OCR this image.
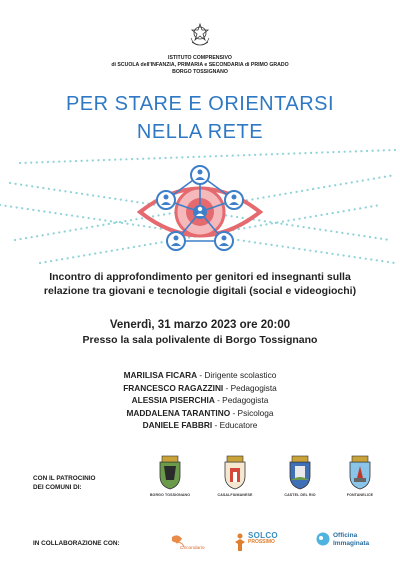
ISTITUTO COMPRENSIVO
di SCUOLA dell'INFANZIA, PRIMARIA e SECONDARIA di PRIMO GRADO
BORGO TOSSIGNANO
PER STARE E ORIENTARSI
NELLA RETE
Incontro di approfondimento per genitori ed insegnanti sulla
relazione tra giovani e tecnologie digitali (social e videogiochi)
Venerdì, 31 marzo 2023 ore 20:00
Presso la sala polivalente di Borgo Tossignano
MARILISA FICARA - Dirigente scolastico
FRANCESCO RAGAZZINI - Pedagogista
ALESSIA PISERCHIA - Pedagogista
MADDALENA TARANTINO - Psicologa
DANIELE FABBRI - Educatore
CON IL PATROCINIO
DEI COMUNI DI:
BORGO TOSSIGNANO	CASALFIUMANESE	CASTEL DEL RIO	FONTANELICE
IN COLLABORAZIONE CON:
Circondario
SOLCO
PROSSIMO
Officina
Immaginata
